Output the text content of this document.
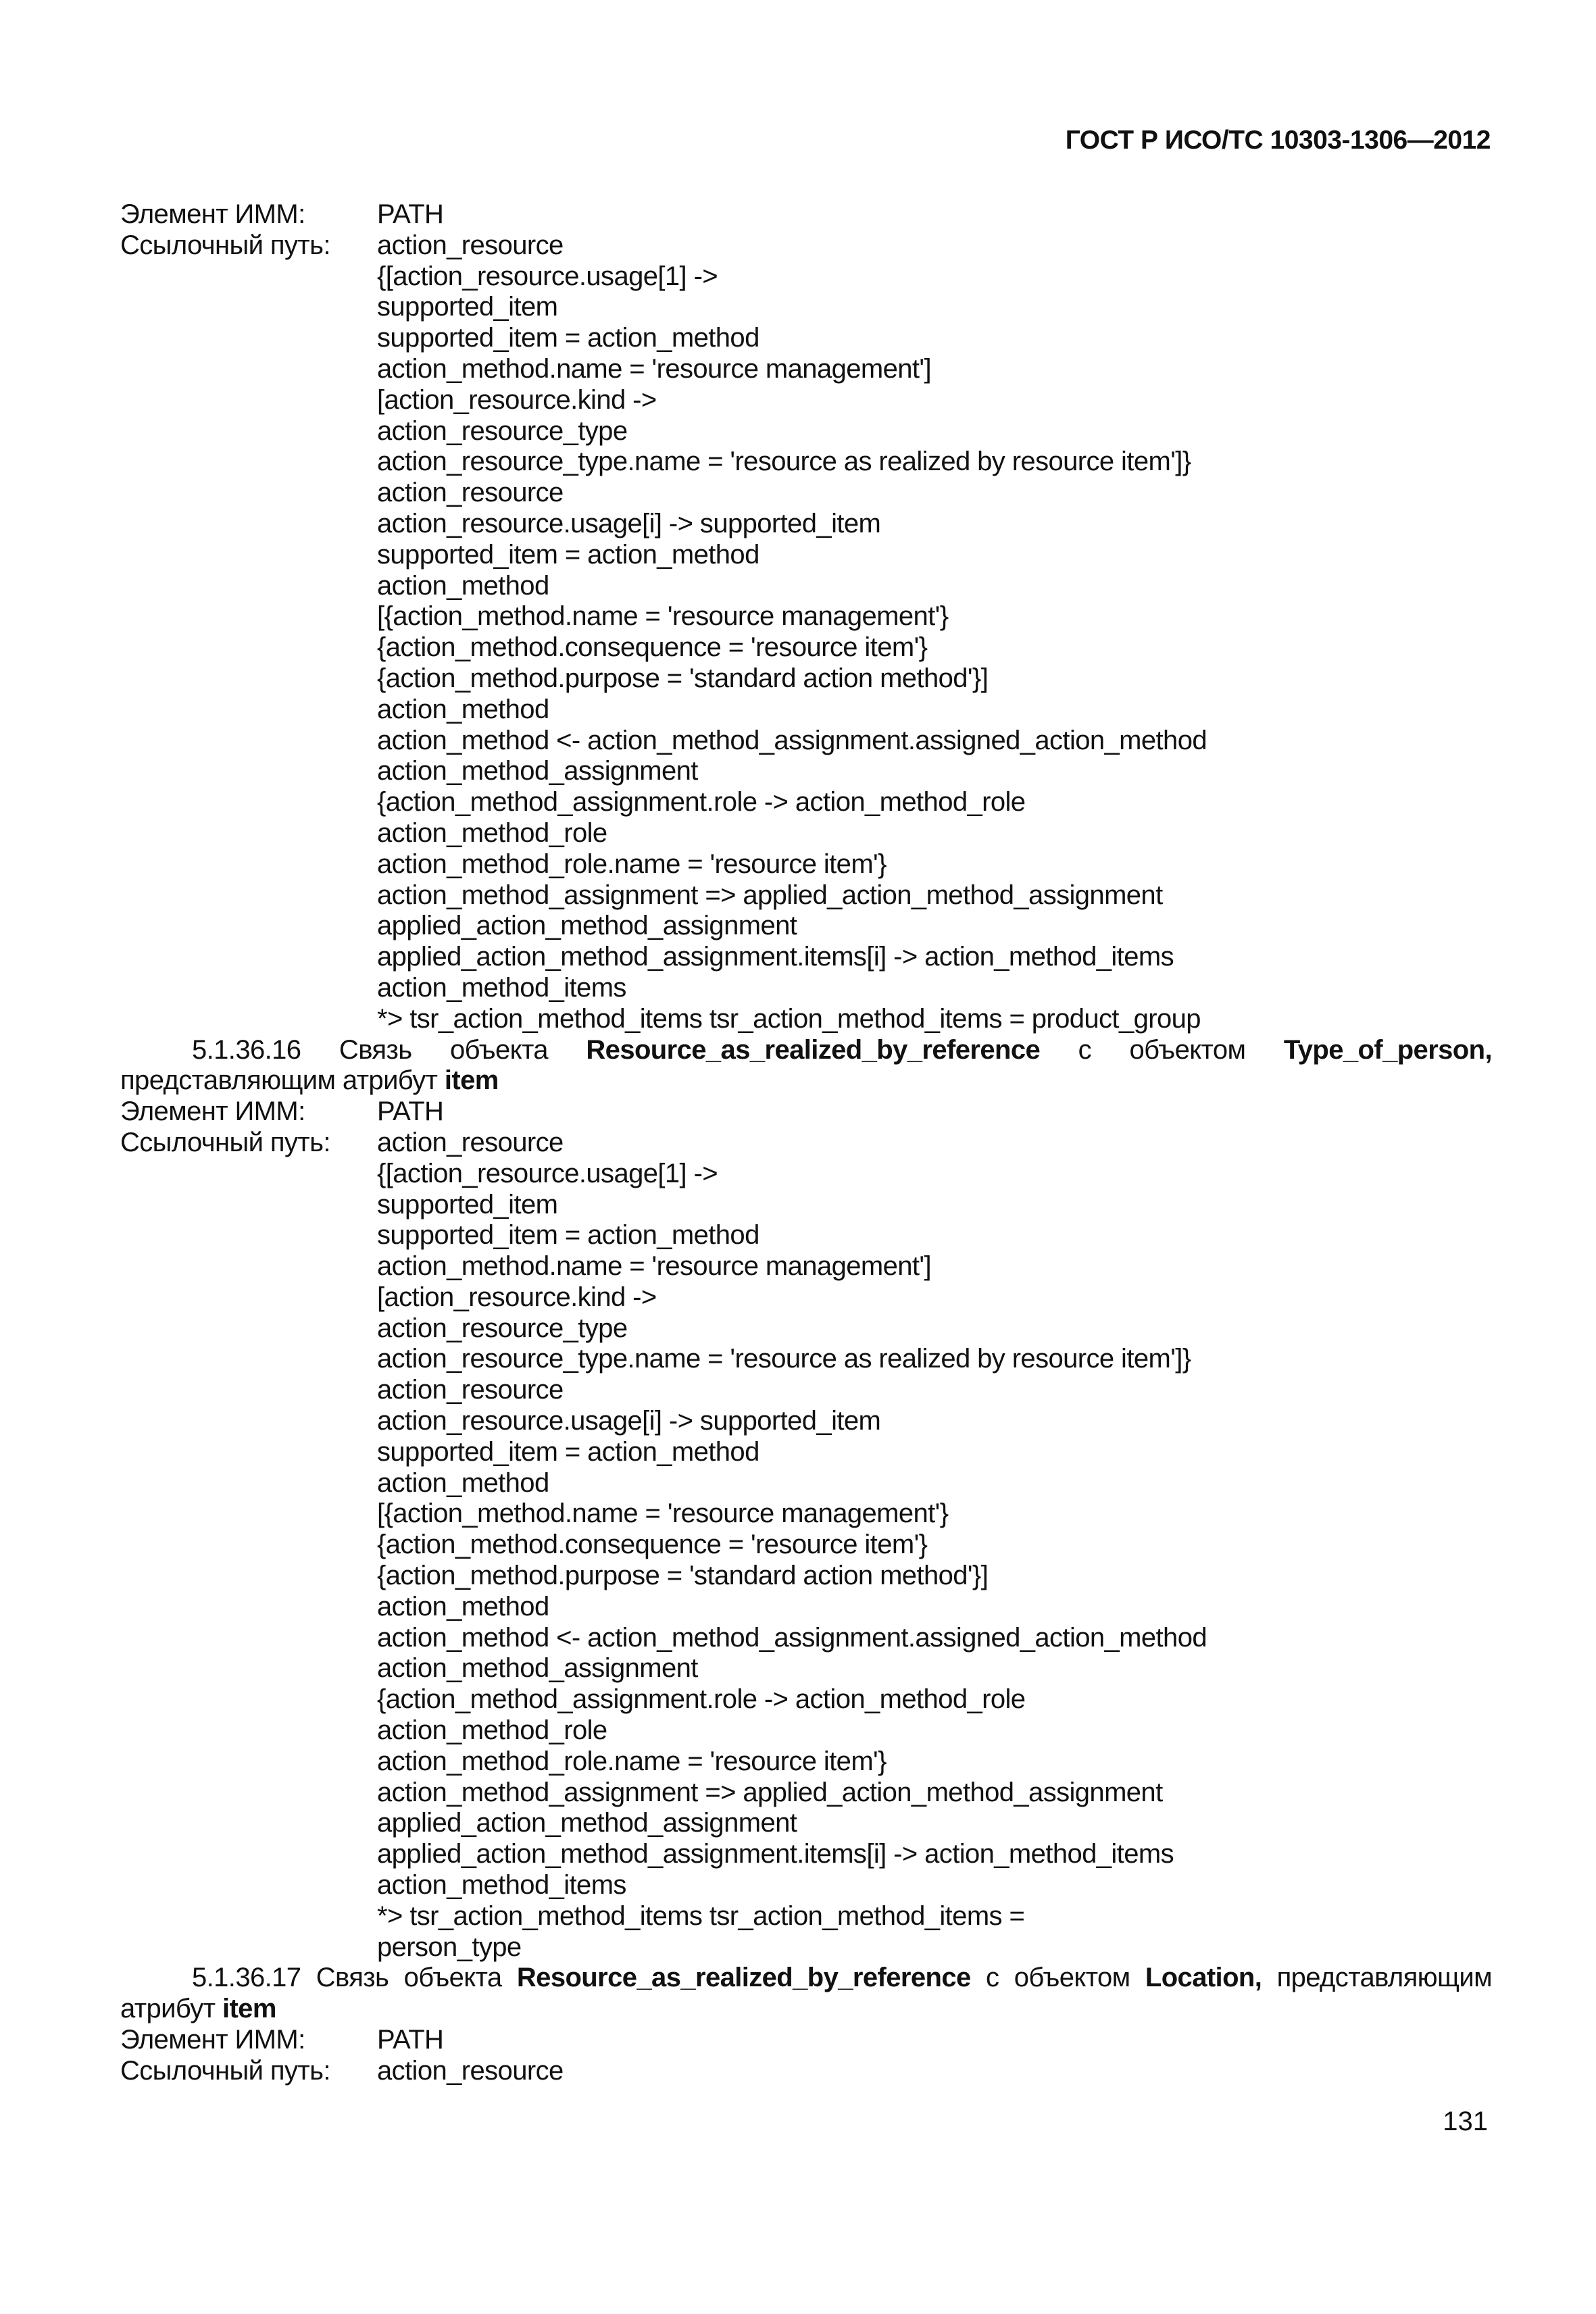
ГОСТ Р ИСО/ТС 10303-1306—2012
Элемент ИММ:	PATH
Ссылочный путь:	action_resource
{[action_resource.usage[1] ->
supported_item
supported_item = action_method
action_method.name = 'resource management']
[action_resource.kind ->
action_resource_type
action_resource_type.name = 'resource as realized by resource item']}
action_resource
action_resource.usage[i] -> supported_item
supported_item = action_method
action_method
[{action_method.name = 'resource management'}
{action_method.consequence = 'resource item'}
{action_method.purpose = 'standard action method'}]
action_method
action_method <- action_method_assignment.assigned_action_method
action_method_assignment
{action_method_assignment.role -> action_method_role
action_method_role
action_method_role.name = 'resource item'}
action_method_assignment => applied_action_method_assignment
applied_action_method_assignment
applied_action_method_assignment.items[i] -> action_method_items
action_method_items
*> tsr_action_method_items tsr_action_method_items = product_group
5.1.36.16 Связь объекта Resource_as_realized_by_reference с объектом Type_of_person, представляющим атрибут item
Элемент ИММ:	PATH
Ссылочный путь:	action_resource
{[action_resource.usage[1] ->
supported_item
supported_item = action_method
action_method.name = 'resource management']
[action_resource.kind ->
action_resource_type
action_resource_type.name = 'resource as realized by resource item']}
action_resource
action_resource.usage[i] -> supported_item
supported_item = action_method
action_method
[{action_method.name = 'resource management'}
{action_method.consequence = 'resource item'}
{action_method.purpose = 'standard action method'}]
action_method
action_method <- action_method_assignment.assigned_action_method
action_method_assignment
{action_method_assignment.role -> action_method_role
action_method_role
action_method_role.name = 'resource item'}
action_method_assignment => applied_action_method_assignment
applied_action_method_assignment
applied_action_method_assignment.items[i] -> action_method_items
action_method_items
*> tsr_action_method_items tsr_action_method_items =
person_type
5.1.36.17 Связь объекта Resource_as_realized_by_reference с объектом Location, представляющим атрибут item
Элемент ИММ:	PATH
Ссылочный путь:	action_resource
131
